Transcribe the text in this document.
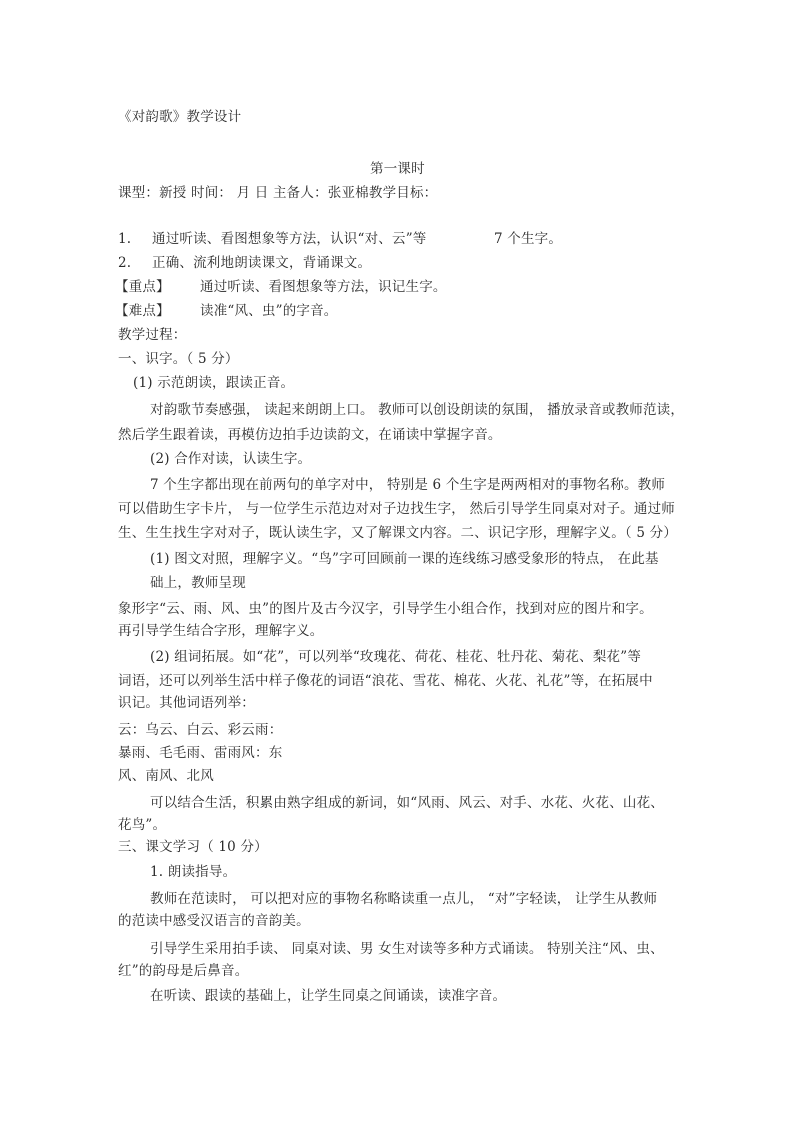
《对韵歌》教学设计
第一课时
课型：新授 时间： 月 日 主备人：张亚棉教学目标：
1. 通过听读、看图想象等方法，认识“对、云”等	7 个生字。
2. 正确、流利地朗读课文，背诵课文。
【重点】 通过听读、看图想象等方法，识记生字。
【难点】 读准“风、虫”的字音。
教学过程：
一、识字。（ 5 分）
(1) 示范朗读，跟读正音。
对韵歌节奏感强， 读起来朗朗上口。 教师可以创设朗读的氛围， 播放录音或教师范读，
然后学生跟着读，再模仿边拍手边读韵文，在诵读中掌握字音。
(2) 合作对读，认读生字。
7 个生字都出现在前两句的单字对中， 特别是 6 个生字是两两相对的事物名称。教师
可以借助生字卡片， 与一位学生示范边对对子边找生字， 然后引导学生同桌对对子。通过师
生、生生找生字对对子，既认读生字，又了解课文内容。二、识记字形，理解字义。（ 5 分）
(1) 图文对照，理解字义。“鸟”字可回顾前一课的连线练习感受象形的特点， 在此基
础上，教师呈现
象形字“云、雨、风、虫”的图片及古今汉字，引导学生小组合作，找到对应的图片和字。
再引导学生结合字形，理解字义。
(2) 组词拓展。如“花”，可以列举“玫瑰花、荷花、桂花、牡丹花、菊花、梨花”等
词语，还可以列举生活中样子像花的词语“浪花、雪花、棉花、火花、礼花”等，在拓展中
识记。其他词语列举：
云：乌云、白云、彩云雨：
暴雨、毛毛雨、雷雨风：东
风、南风、北风
可以结合生活，积累由熟字组成的新词，如“风雨、风云、对手、水花、火花、山花、
花鸟”。
三、课文学习（ 10 分）
1. 朗读指导。
教师在范读时， 可以把对应的事物名称略读重一点儿， “对”字轻读， 让学生从教师
的范读中感受汉语言的音韵美。
引导学生采用拍手读、 同桌对读、男 女生对读等多种方式诵读。 特别关注“风、虫、
红”的韵母是后鼻音。
在听读、跟读的基础上，让学生同桌之间诵读，读准字音。
